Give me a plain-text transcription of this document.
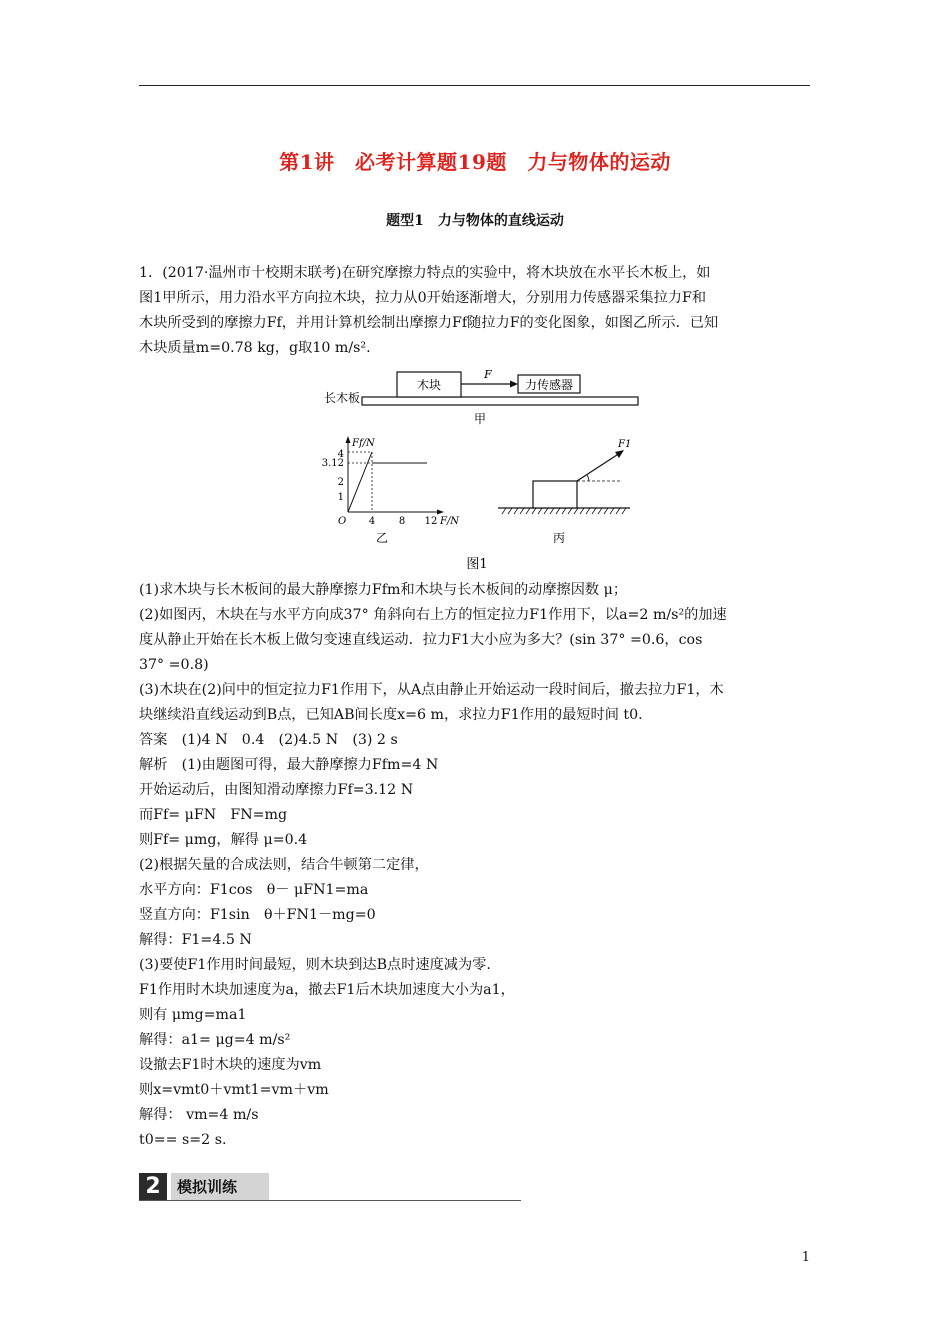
第1讲　必考计算题19题　力与物体的运动
题型1　力与物体的直线运动
1．(2017·温州市十校期末联考)在研究摩擦力特点的实验中，将木块放在水平长木板上，如
图1甲所示，用力沿水平方向拉木块，拉力从0开始逐渐增大，分别用力传感器采集拉力F和
木块所受到的摩擦力Ff，并用计算机绘制出摩擦力Ff随拉力F的变化图象，如图乙所示．已知
木块质量m=0.78 kg，g取10 m/s².
长木板
木块
F
力传感器
甲
Ff/N
F/N
O
4
3.12
2
1
4 8 12
乙
F1
丙
图1
(1)求木块与长木板间的最大静摩擦力Ffm和木块与长木板间的动摩擦因数 μ；
(2)如图丙，木块在与水平方向成37° 角斜向右上方的恒定拉力F1作用下，以a=2 m/s²的加速
度从静止开始在长木板上做匀变速直线运动．拉力F1大小应为多大？(sin 37° =0.6，cos
37° =0.8)
(3)木块在(2)问中的恒定拉力F1作用下，从A点由静止开始运动一段时间后，撤去拉力F1，木
块继续沿直线运动到B点，已知AB间长度x=6 m，求拉力F1作用的最短时间 t0.
答案　(1)4 N　0.4　(2)4.5 N　(3) 2 s
解析　(1)由题图可得，最大静摩擦力Ffm=4 N
开始运动后，由图知滑动摩擦力Ff=3.12 N
而Ff= μFN　FN=mg
则Ff= μmg，解得 μ=0.4
(2)根据矢量的合成法则，结合牛顿第二定律，
水平方向：F1cos　θ－ μFN1=ma
竖直方向：F1sin　θ＋FN1－mg=0
解得：F1=4.5 N
(3)要使F1作用时间最短，则木块到达B点时速度减为零.
F1作用时木块加速度为a，撤去F1后木块加速度大小为a1，
则有 μmg=ma1
解得：a1= μg=4 m/s²
设撤去F1时木块的速度为vm
则x=vmt0＋vmt1=vm＋vm
解得： vm=4 m/s
t0== s=2 s.
2	模拟训练
1
